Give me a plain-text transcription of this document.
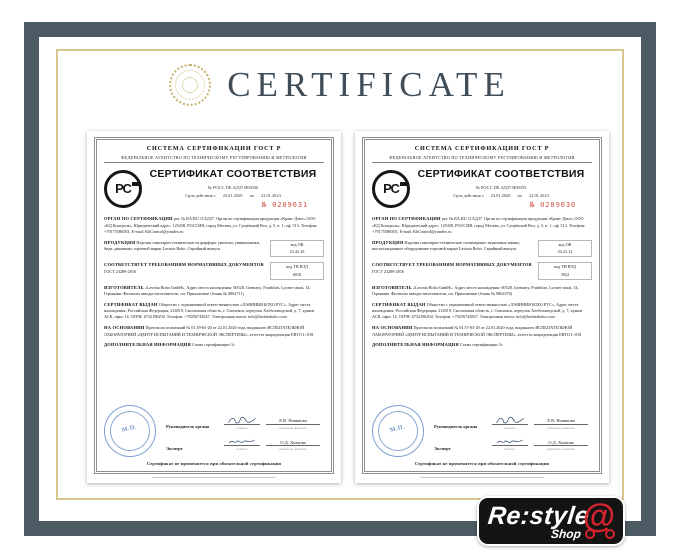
CERTIFICATE
СИСТЕМА СЕРТИФИКАЦИИ ГОСТ Р
ФЕДЕРАЛЬНОЕ АГЕНТСТВО ПО ТЕХНИЧЕСКОМУ РЕГУЛИРОВАНИЮ И МЕТРОЛОГИИ
РС
СЕРТИФИКАТ СООТВЕТСТВИЯ
№ РОСС DE.АД37.H00356
Срок действия с 23.01.2020 по 22.01.2023
№ 0289631
ОРГАН ПО СЕРТИФИКАЦИИ рег. № RA.RU.11АД37. Орган по сертификации продукции «Кранс-Дент» ООО «КД Контроль». Юридический адрес: 125438, РОССИЯ, город Москва, ул. Сущёвский Вал, д. 5, к. 1, оф. 513. Телефон: +79175586503, E-mail: KhControl@yandex.ru
ПРОДУКЦИЯ Изделия санитарно-технические из фарфора: унитазы, умывальники, биде, раковины, торговой марки Lavinia Boho. Серийный выпуск
код ОК
23.42.10
СООТВЕТСТВУЕТ ТРЕБОВАНИЯМ НОРМАТИВНЫХ ДОКУМЕНТОВ
ГОСТ 23289-2016
код ТН ВЭД
6910
ИЗГОТОВИТЕЛЬ «Lavinia Boho GmbH». Адрес места нахождения: 60528, Germany, Frankfurt, Lyoner straat, 14, Германия. Филиалы заводы-изготовители, см. Приложение (бланк № 0862711)
СЕРТИФИКАТ ВЫДАН Общество с ограниченной ответственностью «ЛАВИНИЯ БОХО РУС», Адрес места нахождения: Российская Федерация, 214019, Смоленская область, г. Смоленск, переулок Хлебозаводской, д. 7, здание АСК, офис 14, ОГРН: 6732196294. Телефон: +79256743827. Электронная почта: info@laviniaboho.com
НА ОСНОВАНИИ Протокола испытаний № 01.39-03-20 от 22.01.2020 года, выданного ИСПЫТАТЕЛЬНОЙ ЛАБОРАТОРИЕЙ «ЦЕНТР ИСПЫТАНИЙ И ТЕХНИЧЕСКОЙ ЭКСПЕРТИЗЫ», аттестат аккредитации ЕВТО L-018
ДОПОЛНИТЕЛЬНАЯ ИНФОРМАЦИЯ Схема сертификации 3с
М.П.	Руководитель органа	подпись
Е.В. Новикова
инициалы, фамилия
Эксперт	подпись
О.Д. Холкова
инициалы, фамилия
Сертификат не применяется при обязательной сертификации
СИСТЕМА СЕРТИФИКАЦИИ ГОСТ Р
ФЕДЕРАЛЬНОЕ АГЕНТСТВО ПО ТЕХНИЧЕСКОМУ РЕГУЛИРОВАНИЮ И МЕТРОЛОГИИ
РС
СЕРТИФИКАТ СООТВЕТСТВИЯ
№ РОСС DE.АД37.H00355
Срок действия с 23.01.2020 по 22.01.2023
№ 0289630
ОРГАН ПО СЕРТИФИКАЦИИ рег. № RA.RU.11АД37. Орган по сертификации продукции «Кранс-Дент» ООО «КД Контроль». Юридический адрес: 125438, РОССИЯ, город Москва, ул. Сущёвский Вал, д. 5, к. 1, оф. 513. Телефон: +79175586503, E-mail: KhControl@yandex.ru
ПРОДУКЦИЯ Изделия санитарно-технические полимерные: акриловые ванны, инсталляционное оборудование торговой марки Lavinia Boho. Серийный выпуск
код ОК
22.23.12
СООТВЕТСТВУЕТ ТРЕБОВАНИЯМ НОРМАТИВНЫХ ДОКУМЕНТОВ
ГОСТ 23289-2016
код ТН ВЭД
3922
ИЗГОТОВИТЕЛЬ «Lavinia Boho GmbH». Адрес места нахождения: 60528, Germany, Frankfurt, Lyoner straat, 14, Германия. Филиалы заводы-изготовители, см. Приложение (бланк № 0862270)
СЕРТИФИКАТ ВЫДАН Общество с ограниченной ответственностью «ЛАВИНИЯ БОХО РУС», Адрес места нахождения: Российская Федерация, 214019, Смоленская область, г. Смоленск, переулок Хлебозаводской, д. 7, здание АСК, офис 14, ОГРН: 6732196294. Телефон: +79256743827. Электронная почта: info@laviniaboho.com
НА ОСНОВАНИИ Протокола испытаний № 01.37-03-20 от 22.01.2020 года, выданного ИСПЫТАТЕЛЬНОЙ ЛАБОРАТОРИЕЙ «ЦЕНТР ИСПЫТАНИЙ И ТЕХНИЧЕСКОЙ ЭКСПЕРТИЗЫ», аттестат аккредитации ЕВТО L-018
ДОПОЛНИТЕЛЬНАЯ ИНФОРМАЦИЯ Схема сертификации 3с
М.П.	Руководитель органа	подпись
Е.В. Новикова
инициалы, фамилия
Эксперт	подпись
О.Д. Холкова
инициалы, фамилия
Сертификат не применяется при обязательной сертификации
Re:style
Shop @
